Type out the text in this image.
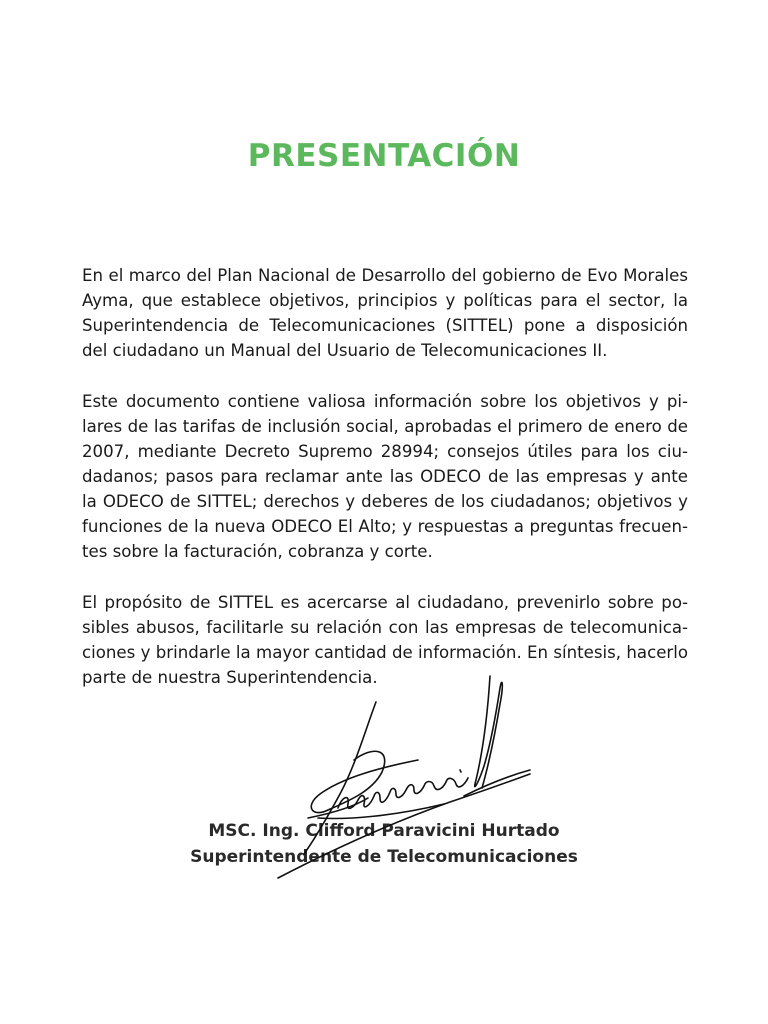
PRESENTACIÓN

En el marco del Plan Nacional de Desarrollo del gobierno de Evo Morales Ayma, que establece objetivos, principios y políticas para el sector, la Superintendencia de Telecomunicaciones (SITTEL) pone a disposición del ciudadano un Manual del Usuario de Telecomunicaciones II.

Este documento contiene valiosa información sobre los objetivos y pilares de las tarifas de inclusión social, aprobadas el primero de enero de 2007, mediante Decreto Supremo 28994; consejos útiles para los ciudadanos; pasos para reclamar ante las ODECO de las empresas y ante la ODECO de SITTEL; derechos y deberes de los ciudadanos; objetivos y funciones de la nueva ODECO El Alto; y respuestas a preguntas frecuentes sobre la facturación, cobranza y corte.

El propósito de SITTEL es acercarse al ciudadano, prevenirlo sobre posibles abusos, facilitarle su relación con las empresas de telecomunicaciones y brindarle la mayor cantidad de información. En síntesis, hacerlo parte de nuestra Superintendencia.

MSC. Ing. Clifford Paravicini Hurtado

Superintendente de Telecomunicaciones
